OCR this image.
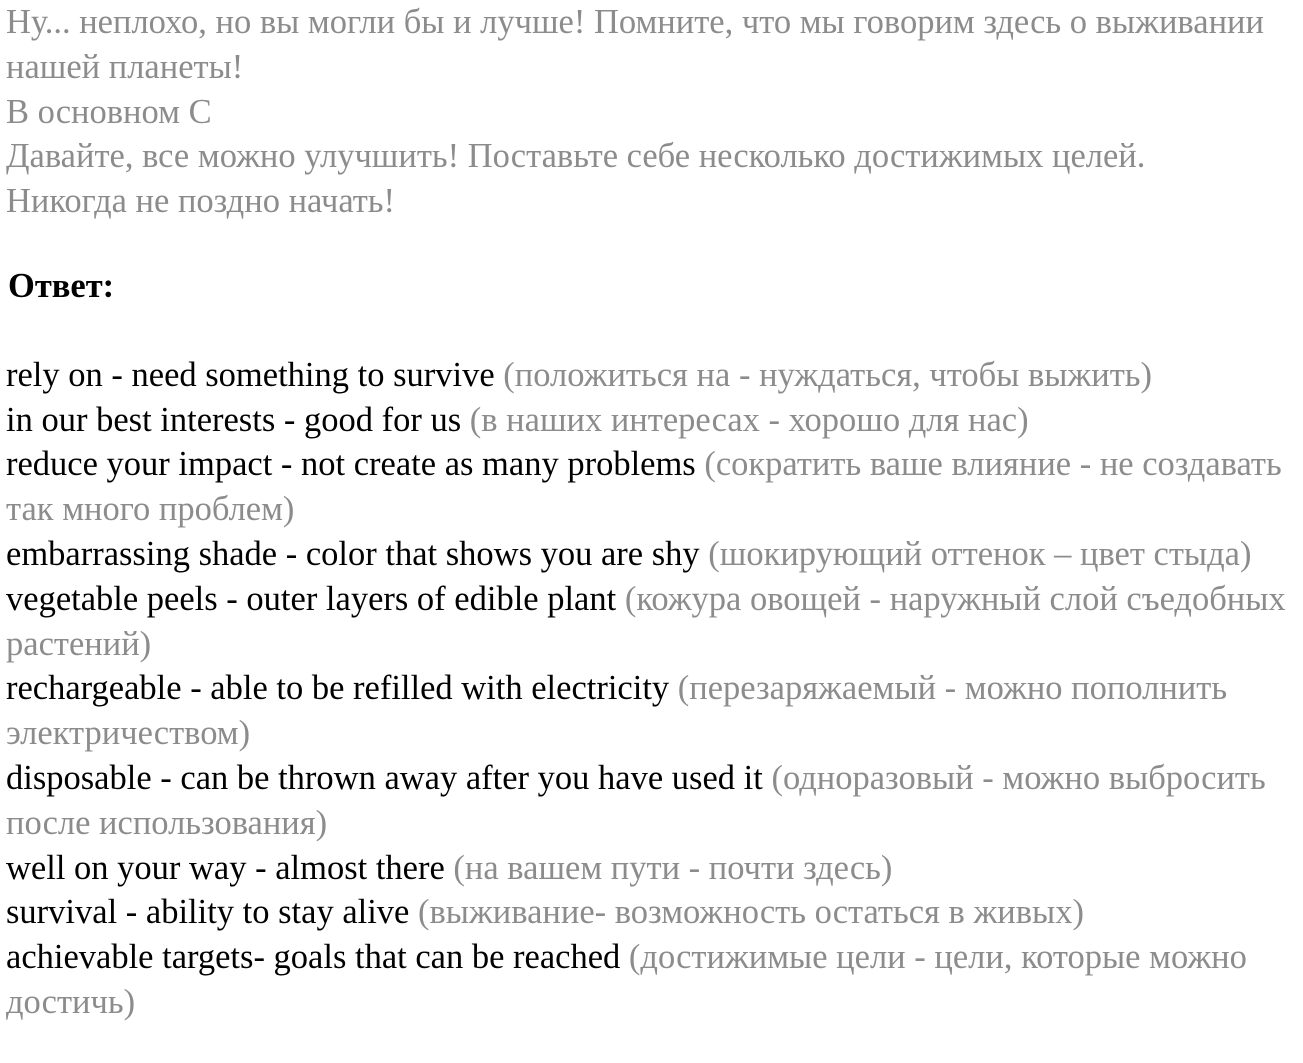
Ну... неплохо, но вы могли бы и лучше! Помните, что мы говорим здесь о выживании нашей планеты!

В основном С

Давайте, все можно улучшить! Поставьте себе несколько достижимых целей.

Никогда не поздно начать!

Ответ:

rely on - need something to survive (положиться на - нуждаться, чтобы выжить)

in our best interests - good for us (в наших интересах - хорошо для нас)

reduce your impact - not create as many problems (сократить ваше влияние - не создавать так много проблем)

embarrassing shade - color that shows you are shy (шокирующий оттенок – цвет стыда)

vegetable peels - outer layers of edible plant (кожура овощей - наружный слой съедобных растений)

rechargeable - able to be refilled with electricity (перезаряжаемый - можно пополнить электричеством)

disposable - can be thrown away after you have used it (одноразовый - можно выбросить после использования)

well on your way - almost there (на вашем пути - почти здесь)

survival - ability to stay alive (выживание- возможность остаться в живых)

achievable targets- goals that can be reached (достижимые цели - цели, которые можно достичь)
